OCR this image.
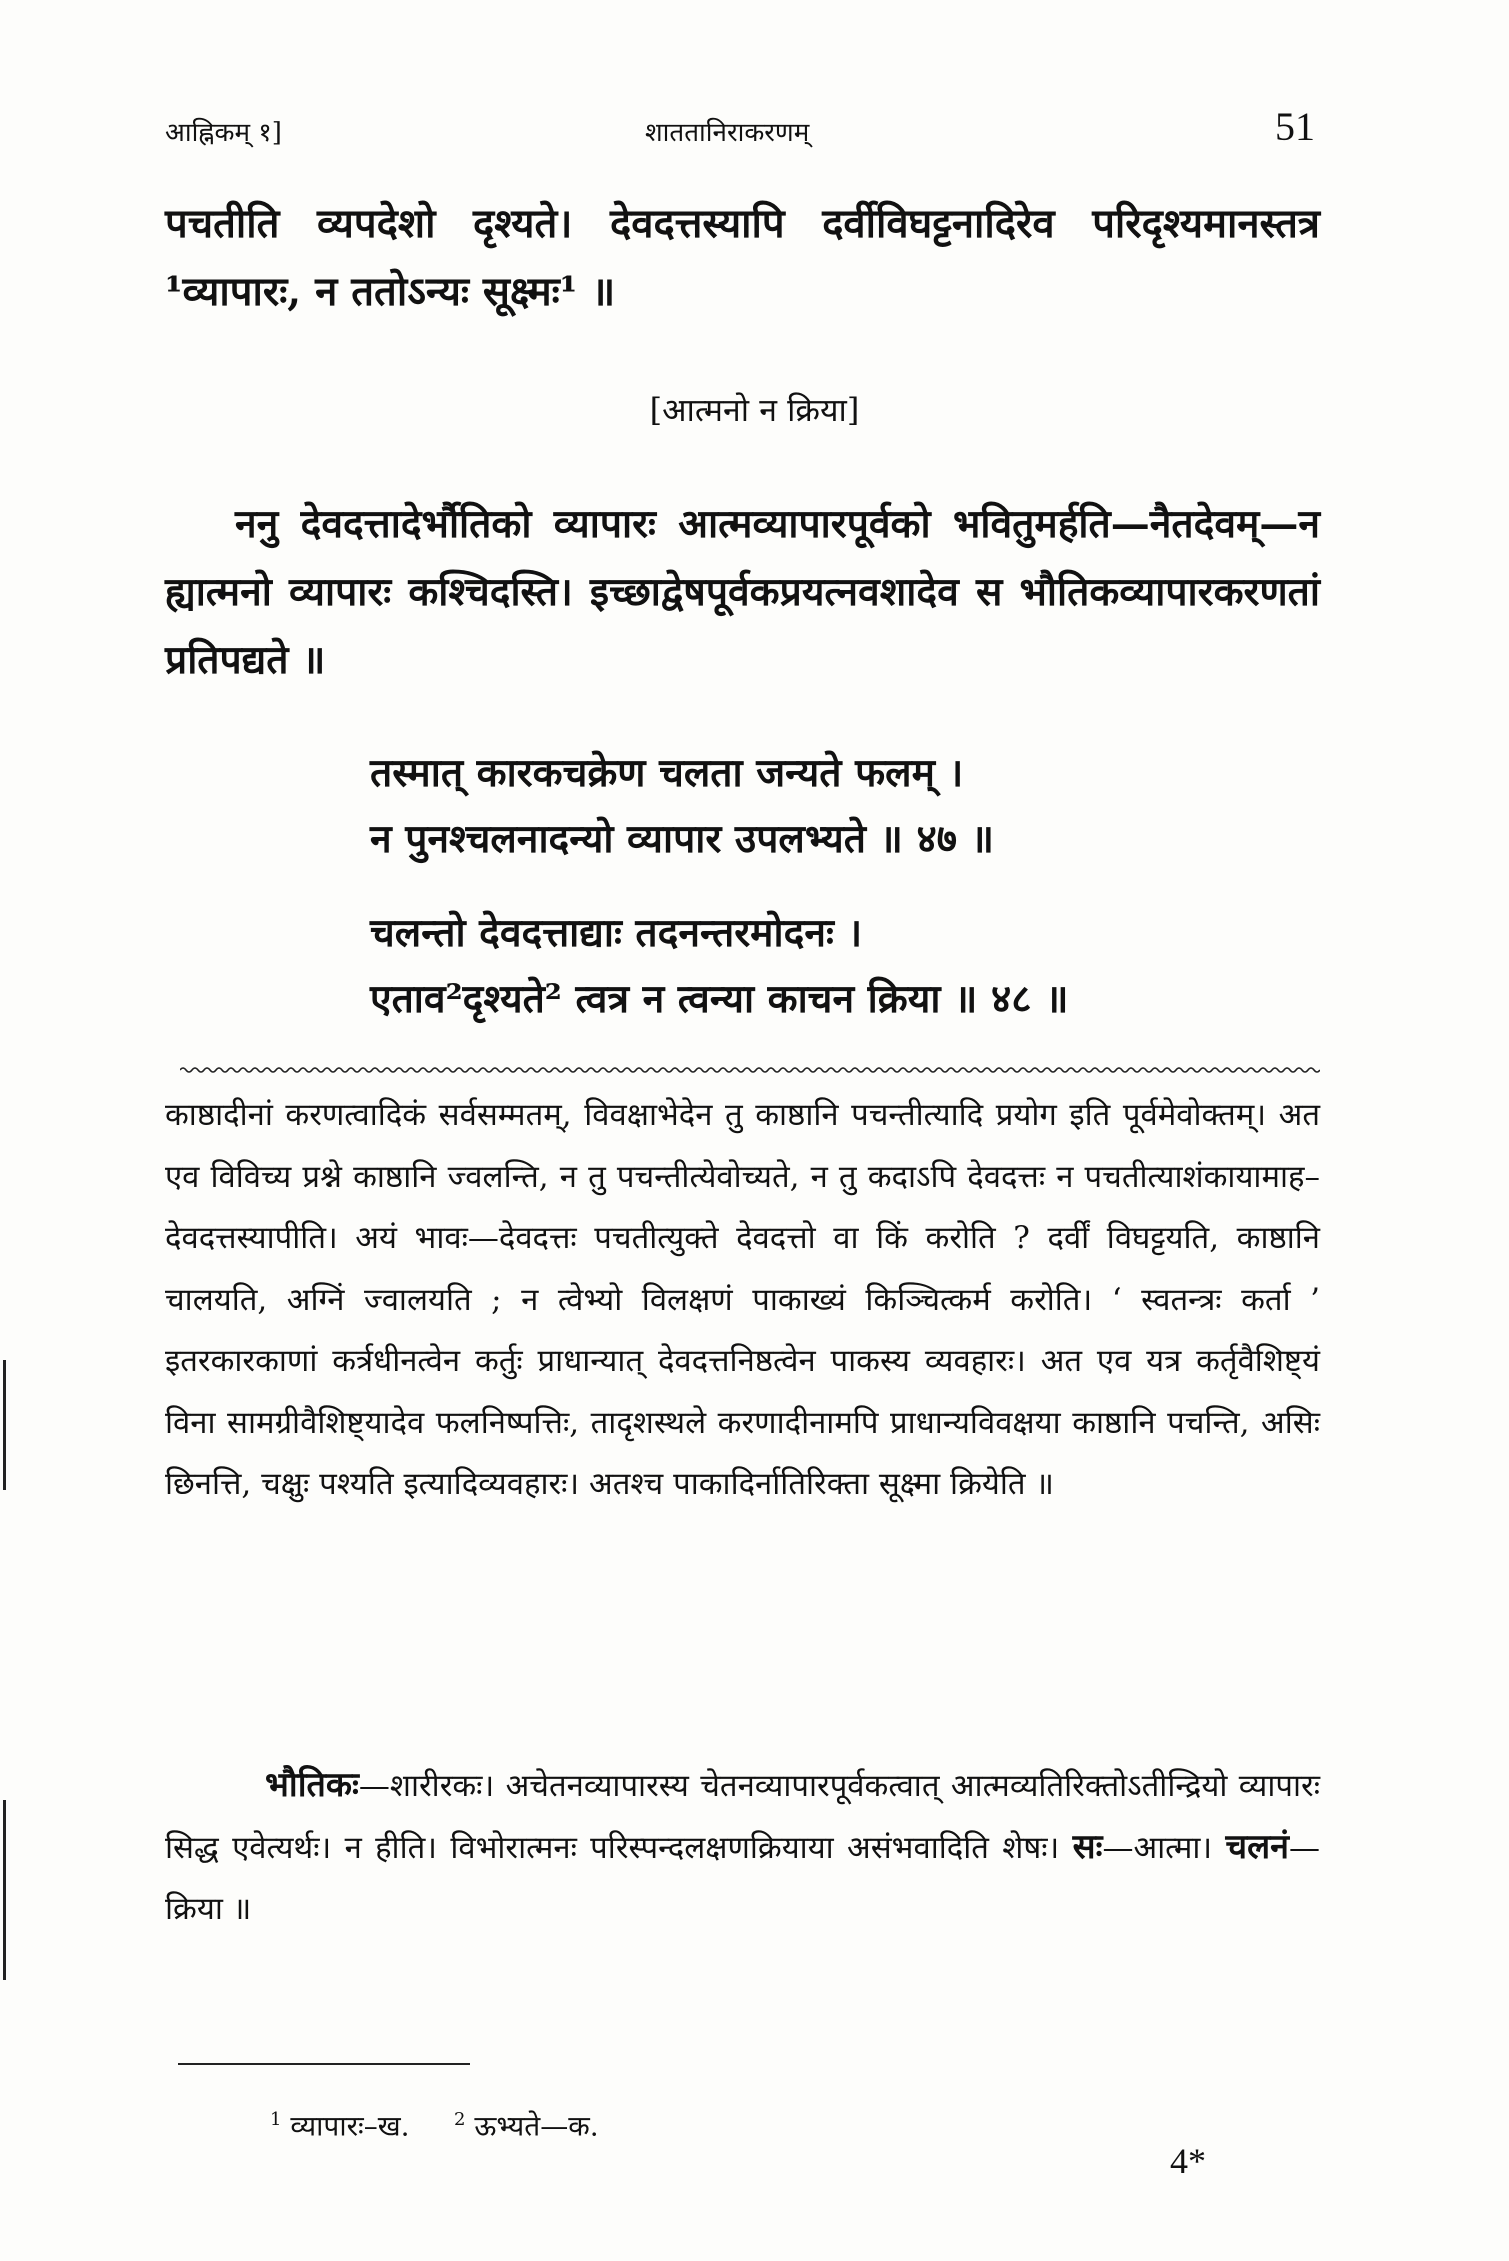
आह्निकम् १]	शाततानिराकरणम्	51

पचतीति व्यपदेशो दृश्यते। देवदत्तस्यापि दर्वीविघट्टनादिरेव परिदृश्यमानस्तत्र ¹व्यापारः, न ततोऽन्यः सूक्ष्मः¹ ॥

[आत्मनो न क्रिया]
ननु देवदत्तादेर्भौतिको व्यापारः आत्मव्यापारपूर्वको भवितुमर्हति—नैतदेवम्—न ह्यात्मनो व्यापारः कश्चिदस्ति। इच्छाद्वेषपूर्वकप्रयत्नवशादेव स भौतिकव्यापारकरणतां प्रतिपद्यते ॥
तस्मात् कारकचक्रेण चलता जन्यते फलम् ।
न पुनश्चलनादन्यो व्यापार उपलभ्यते ॥ ४७ ॥
चलन्तो देवदत्ताद्याः तदनन्तरमोदनः ।
एताव²दृश्यते² त्वत्र न त्वन्या काचन क्रिया ॥ ४८ ॥
काष्ठादीनां करणत्वादिकं सर्वसम्मतम्, विवक्षाभेदेन तु काष्ठानि पचन्तीत्यादि प्रयोग इति पूर्वमेवोक्तम्। अत एव विविच्य प्रश्ने काष्ठानि ज्वलन्ति, न तु पचन्तीत्येवोच्यते, न तु कदाऽपि देवदत्तः न पचतीत्याशंकायामाह–देवदत्तस्यापीति। अयं भावः—देवदत्तः पचतीत्युक्ते देवदत्तो वा किं करोति ? दर्वीं विघट्टयति, काष्ठानि चालयति, अग्निं ज्वालयति ; न त्वेभ्यो विलक्षणं पाकाख्यं किञ्चित्कर्म करोति। ‘ स्वतन्त्रः कर्ता ’ इतरकारकाणां कर्त्रधीनत्वेन कर्तुः प्राधान्यात् देवदत्तनिष्ठत्वेन पाकस्य व्यवहारः। अत एव यत्र कर्तृवैशिष्ट्यं विना सामग्रीवैशिष्ट्यादेव फलनिष्पत्तिः, तादृशस्थले करणादीनामपि प्राधान्यविवक्षया काष्ठानि पचन्ति, असिः छिनत्ति, चक्षुः पश्यति इत्यादिव्यवहारः। अतश्च पाकादिर्नातिरिक्ता सूक्ष्मा क्रियेति ॥
भौतिकः—शारीरकः। अचेतनव्यापारस्य चेतनव्यापारपूर्वकत्वात् आत्मव्यतिरिक्तोऽतीन्द्रियो व्यापारः सिद्ध एवेत्यर्थः। न हीति। विभोरात्मनः परिस्पन्दलक्षणक्रियाया असंभवादिति शेषः। सः—आत्मा। चलनं—क्रिया ॥
$^1$ व्यापारः–ख. $^2$ ऊभ्यते—क.
4*
